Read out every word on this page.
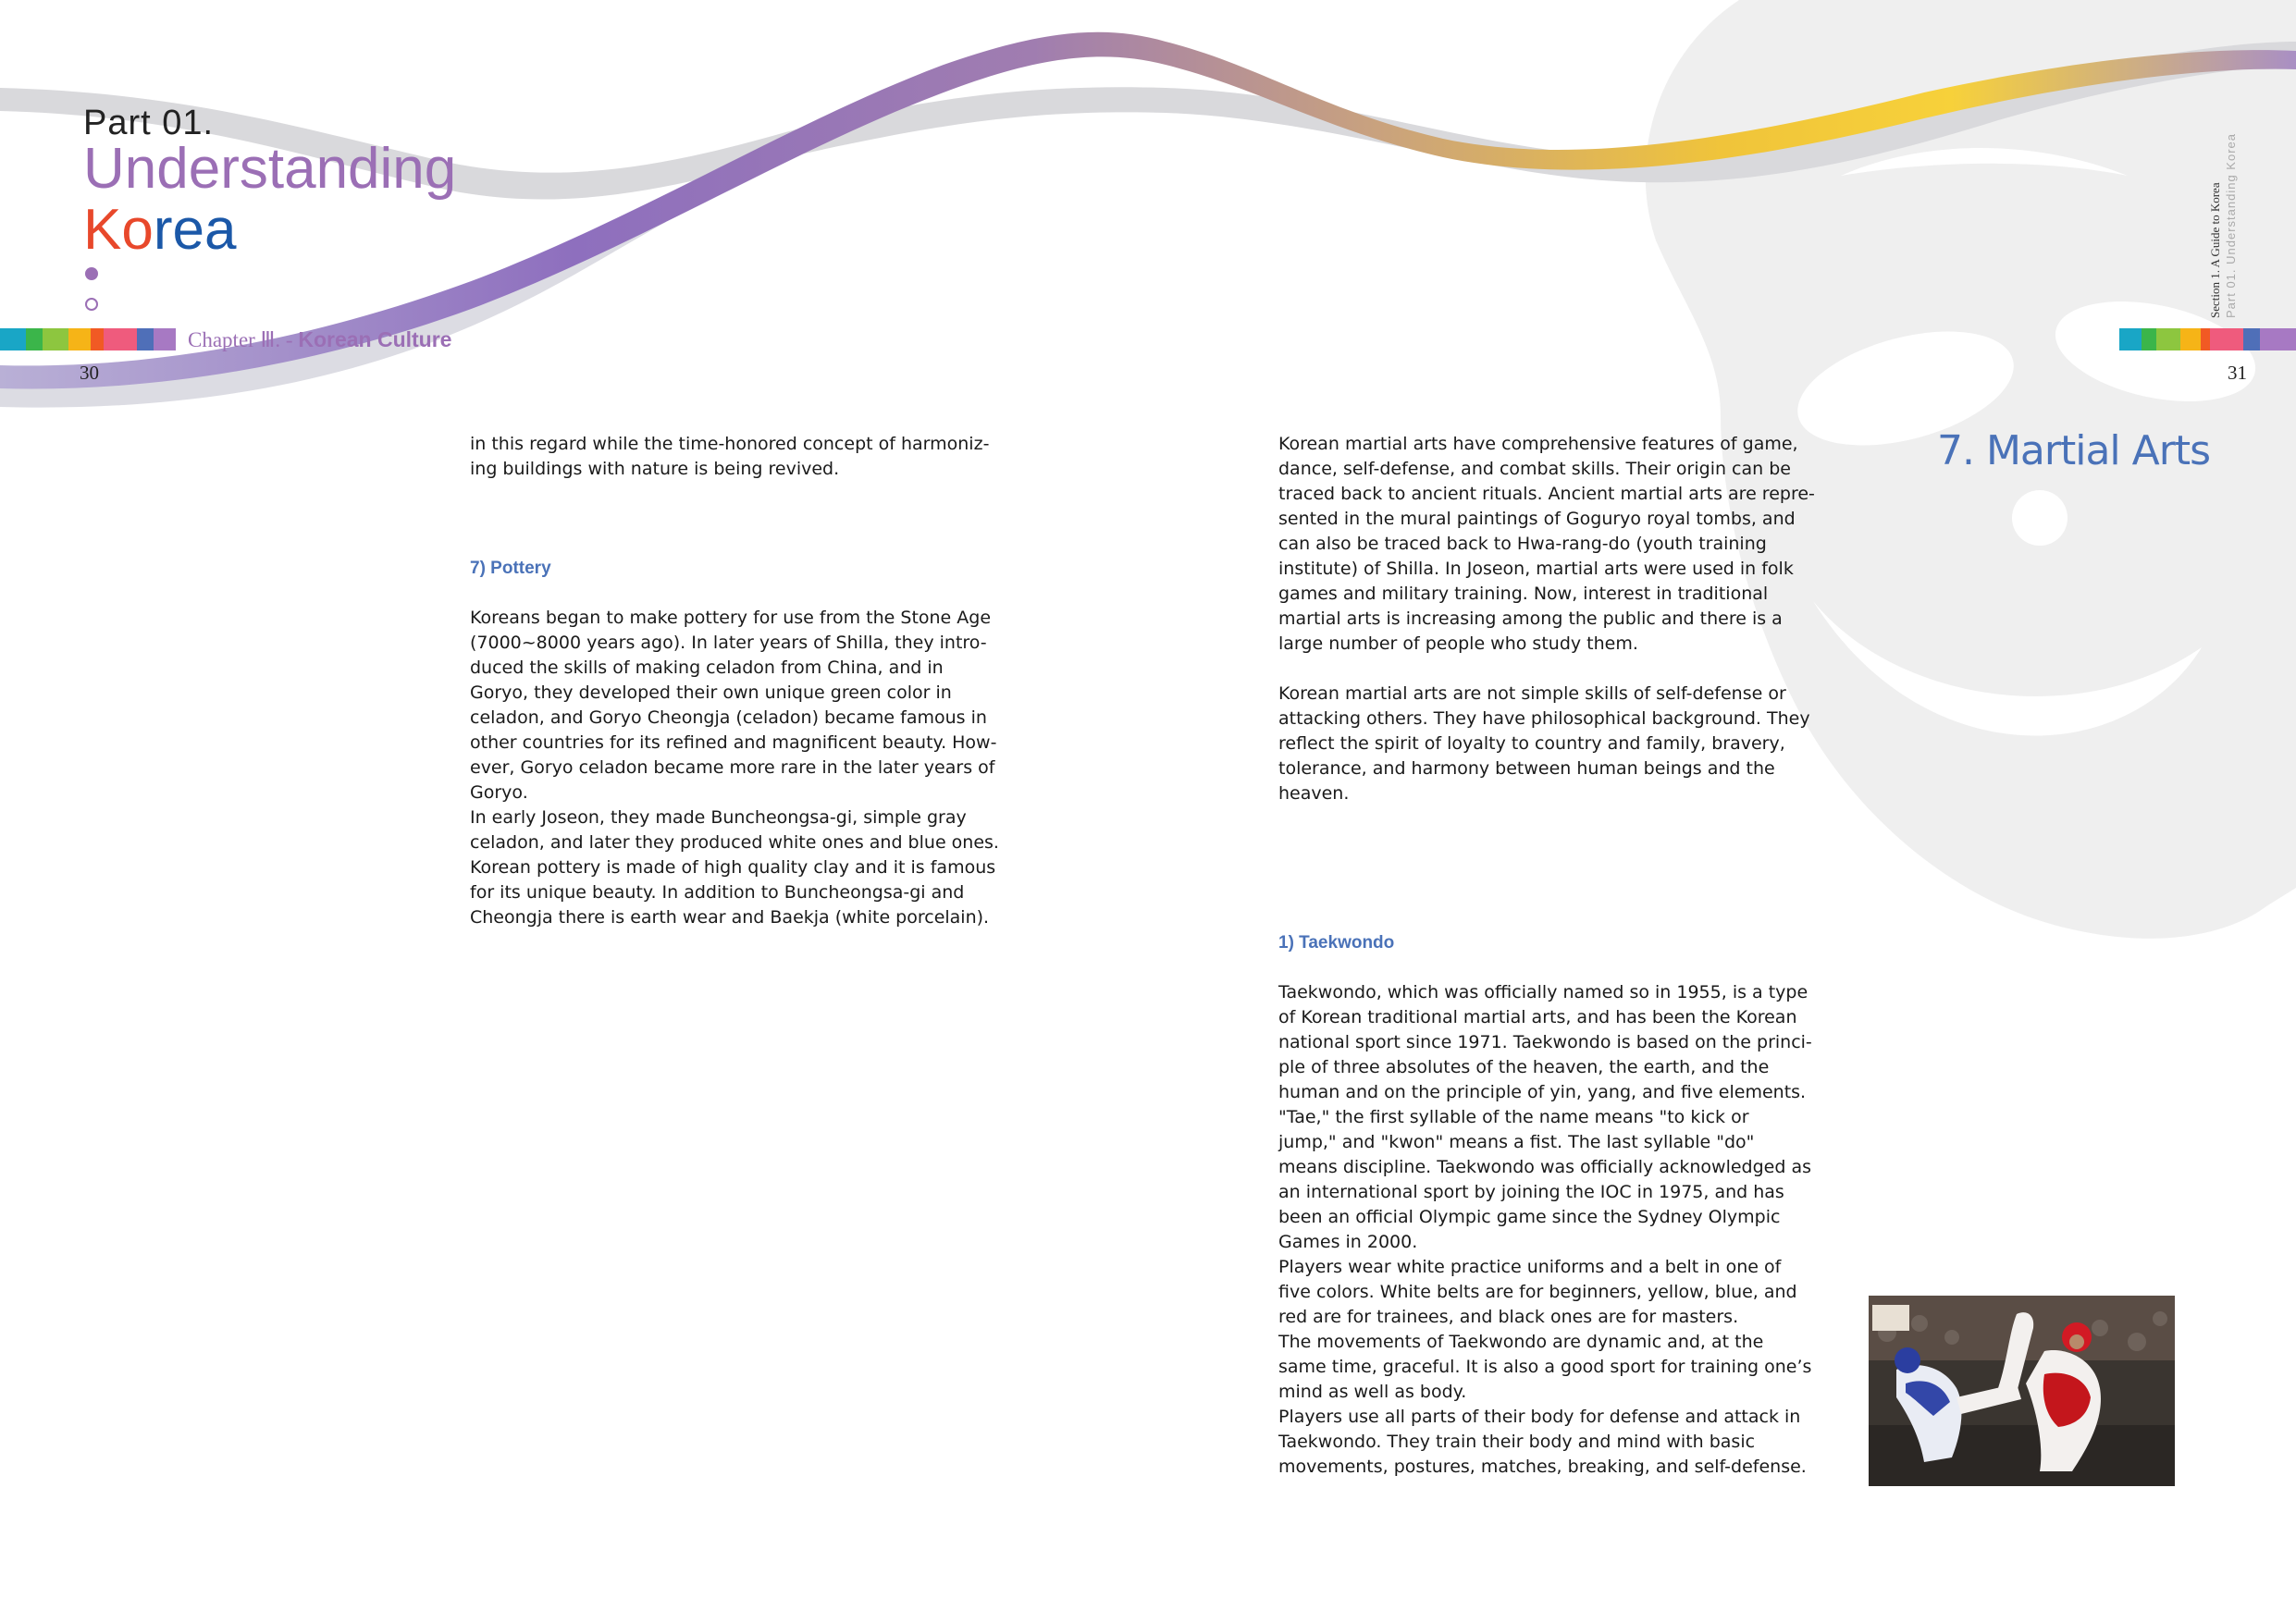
Part 01.
Understanding
Korea
Chapter Ⅲ. - Korean Culture
30	31
Section 1. A Guide to Korea Part 01. Understanding Korea

in this regard while the time-honored concept of harmoniz-
ing buildings with nature is being revived.

7) Pottery

Koreans began to make pottery for use from the Stone Age
(7000~8000 years ago). In later years of Shilla, they intro-
duced the skills of making celadon from China, and in
Goryo, they developed their own unique green color in
celadon, and Goryo Cheongja (celadon) became famous in
other countries for its refined and magnificent beauty. How-
ever, Goryo celadon became more rare in the later years of
Goryo.
In early Joseon, they made Buncheongsa-gi, simple gray
celadon, and later they produced white ones and blue ones.
Korean pottery is made of high quality clay and it is famous
for its unique beauty. In addition to Buncheongsa-gi and
Cheongja there is earth wear and Baekja (white porcelain).

7. Martial Arts

Korean martial arts have comprehensive features of game,
dance, self-defense, and combat skills. Their origin can be
traced back to ancient rituals. Ancient martial arts are repre-
sented in the mural paintings of Goguryo royal tombs, and
can also be traced back to Hwa-rang-do (youth training
institute) of Shilla. In Joseon, martial arts were used in folk
games and military training. Now, interest in traditional
martial arts is increasing among the public and there is a
large number of people who study them.

Korean martial arts are not simple skills of self-defense or
attacking others. They have philosophical background. They
reflect the spirit of loyalty to country and family, bravery,
tolerance, and harmony between human beings and the
heaven.

1) Taekwondo

Taekwondo, which was officially named so in 1955, is a type
of Korean traditional martial arts, and has been the Korean
national sport since 1971. Taekwondo is based on the princi-
ple of three absolutes of the heaven, the earth, and the
human and on the principle of yin, yang, and five elements.
"Tae," the first syllable of the name means "to kick or
jump," and "kwon" means a fist. The last syllable "do"
means discipline. Taekwondo was officially acknowledged as
an international sport by joining the IOC in 1975, and has
been an official Olympic game since the Sydney Olympic
Games in 2000.
Players wear white practice uniforms and a belt in one of
five colors. White belts are for beginners, yellow, blue, and
red are for trainees, and black ones are for masters.
The movements of Taekwondo are dynamic and, at the
same time, graceful. It is also a good sport for training one’s
mind as well as body.
Players use all parts of their body for defense and attack in
Taekwondo. They train their body and mind with basic
movements, postures, matches, breaking, and self-defense.
